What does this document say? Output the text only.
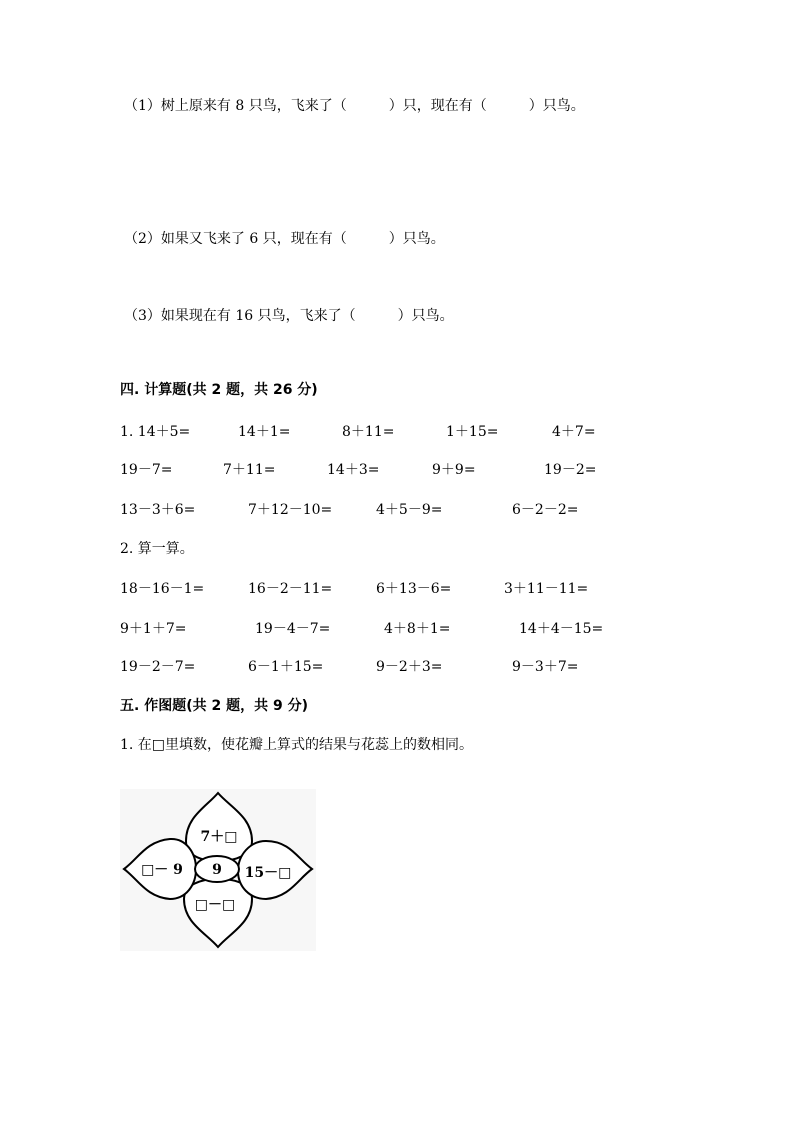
（1）树上原来有 8 只鸟，飞来了（　　　）只，现在有（　　　）只鸟。
（2）如果又飞来了 6 只，现在有（　　　）只鸟。
（3）如果现在有 16 只鸟，飞来了（　　　）只鸟。
四. 计算题(共 2 题，共 26 分)
1. 14＋5=	14＋1=	8＋11=	1＋15=	4＋7=
19－7=	7＋11=	14＋3=	9＋9=	19－2=
13－3＋6=	7＋12－10=	4＋5－9=	6－2－2=
2. 算一算。
18－16－1=	16－2－11=	6＋13－6=	3＋11－11=
9＋1＋7=	19－4－7=	4＋8＋1=	14＋4－15=
19－2－7=	6－1＋15=	9－2＋3=	9－3＋7=
五. 作图题(共 2 题，共 9 分)
1. 在□里填数，使花瓣上算式的结果与花蕊上的数相同。
9
7＋□
□－ 9	15－□
□－□
